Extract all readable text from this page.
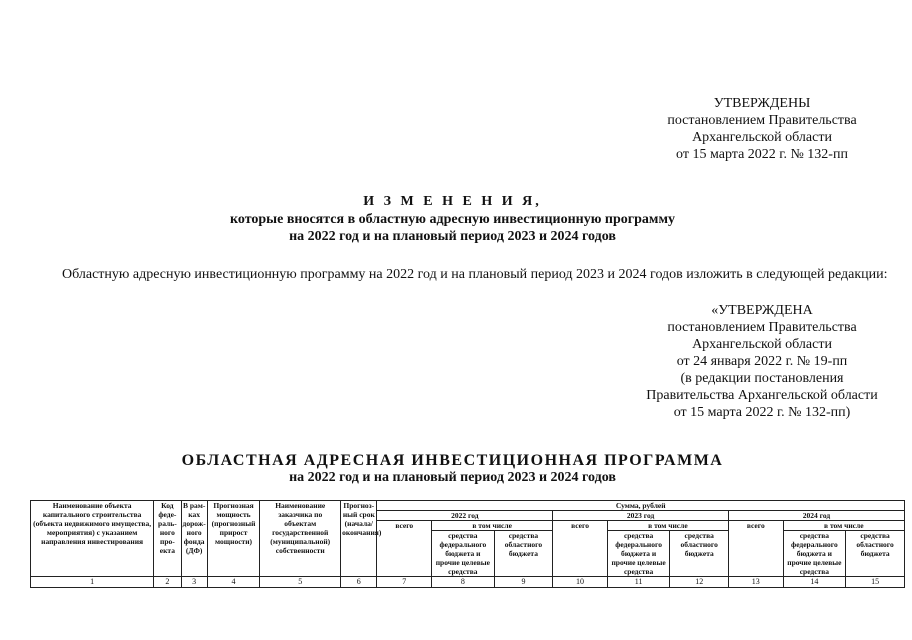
УТВЕРЖДЕНЫ
постановлением Правительства
Архангельской области
от 15 марта 2022 г. № 132-пп
И З М Е Н Е Н И Я,
которые вносятся в областную адресную инвестиционную программу
на 2022 год и на плановый период 2023 и 2024 годов

Областную адресную инвестиционную программу на 2022 год и на плановый период 2023 и 2024 годов изложить в следующей редакции:

«УТВЕРЖДЕНА
постановлением Правительства
Архангельской области
от 24 января 2022 г. № 19-пп
(в редакции постановления
Правительства Архангельской области
от 15 марта 2022 г. № 132-пп)
ОБЛАСТНАЯ АДРЕСНАЯ ИНВЕСТИЦИОННАЯ ПРОГРАММА
на 2022 год и на плановый период 2023 и 2024 годов
Наименование объекта капитального строительства (объекта недвижимого имущества, мероприятия) с указанием направления инвестирования	Код феде-раль-ного про-екта	В рам-ках дорож-ного фонда (ДФ)	Прогнозная мощность (прогнозный прирост мощности)	Наименование заказчика по объектам государственной (муниципальной) собственности	Прогноз-ный срок (начала/окончания)	Сумма, рублей								
						2022 год			2023 год			2024 год		
						всего	в том числе		всего	в том числе		всего	в том числе	
							средства федерального бюджета и прочие целевые средства	средства областного бюджета		средства федерального бюджета и прочие целевые средства	средства областного бюджета		средства федерального бюджета и прочие целевые средства	средства областного бюджета
1	2	3	4	5	6	7	8	9	10	11	12	13	14	15
